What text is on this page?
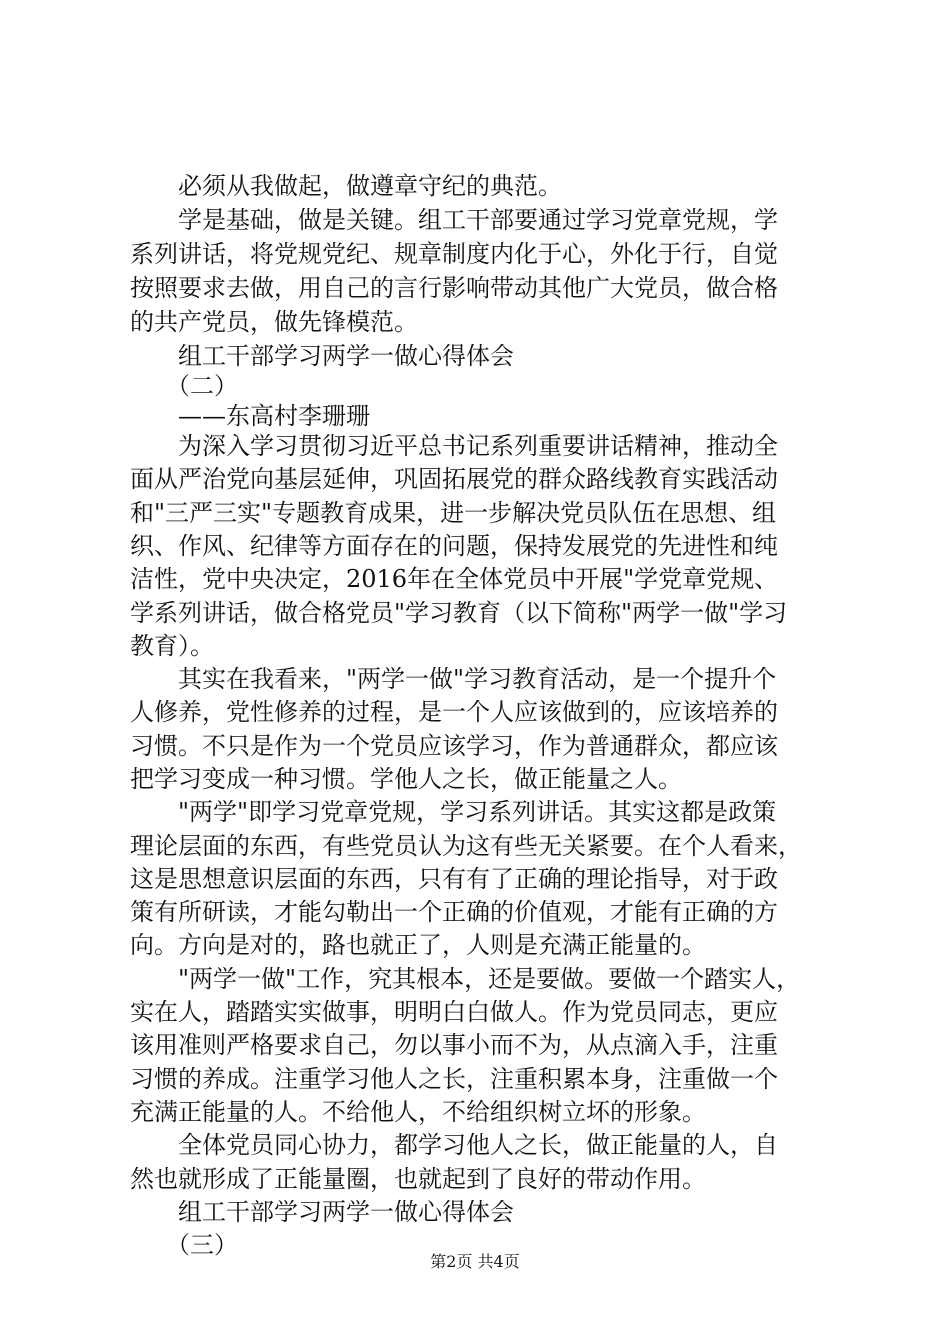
必须从我做起，做遵章守纪的典范。
学是基础，做是关键。组工干部要通过学习党章党规，学
系列讲话，将党规党纪、规章制度内化于心，外化于行，自觉
按照要求去做，用自己的言行影响带动其他广大党员，做合格
的共产党员，做先锋模范。
组工干部学习两学一做心得体会
（二）
——东高村李珊珊
为深入学习贯彻习近平总书记系列重要讲话精神，推动全
面从严治党向基层延伸，巩固拓展党的群众路线教育实践活动
和"三严三实"专题教育成果，进一步解决党员队伍在思想、组
织、作风、纪律等方面存在的问题，保持发展党的先进性和纯
洁性，党中央决定，2016年在全体党员中开展"学党章党规、
学系列讲话，做合格党员"学习教育（以下简称"两学一做"学习
教育）。
其实在我看来，"两学一做"学习教育活动，是一个提升个
人修养，党性修养的过程，是一个人应该做到的，应该培养的
习惯。不只是作为一个党员应该学习，作为普通群众，都应该
把学习变成一种习惯。学他人之长，做正能量之人。
"两学"即学习党章党规，学习系列讲话。其实这都是政策
理论层面的东西，有些党员认为这有些无关紧要。在个人看来，
这是思想意识层面的东西，只有有了正确的理论指导，对于政
策有所研读，才能勾勒出一个正确的价值观，才能有正确的方
向。方向是对的，路也就正了，人则是充满正能量的。
"两学一做"工作，究其根本，还是要做。要做一个踏实人，
实在人，踏踏实实做事，明明白白做人。作为党员同志，更应
该用准则严格要求自己，勿以事小而不为，从点滴入手，注重
习惯的养成。注重学习他人之长，注重积累本身，注重做一个
充满正能量的人。不给他人，不给组织树立坏的形象。
全体党员同心协力，都学习他人之长，做正能量的人，自
然也就形成了正能量圈，也就起到了良好的带动作用。
组工干部学习两学一做心得体会
（三）
第2页 共4页
